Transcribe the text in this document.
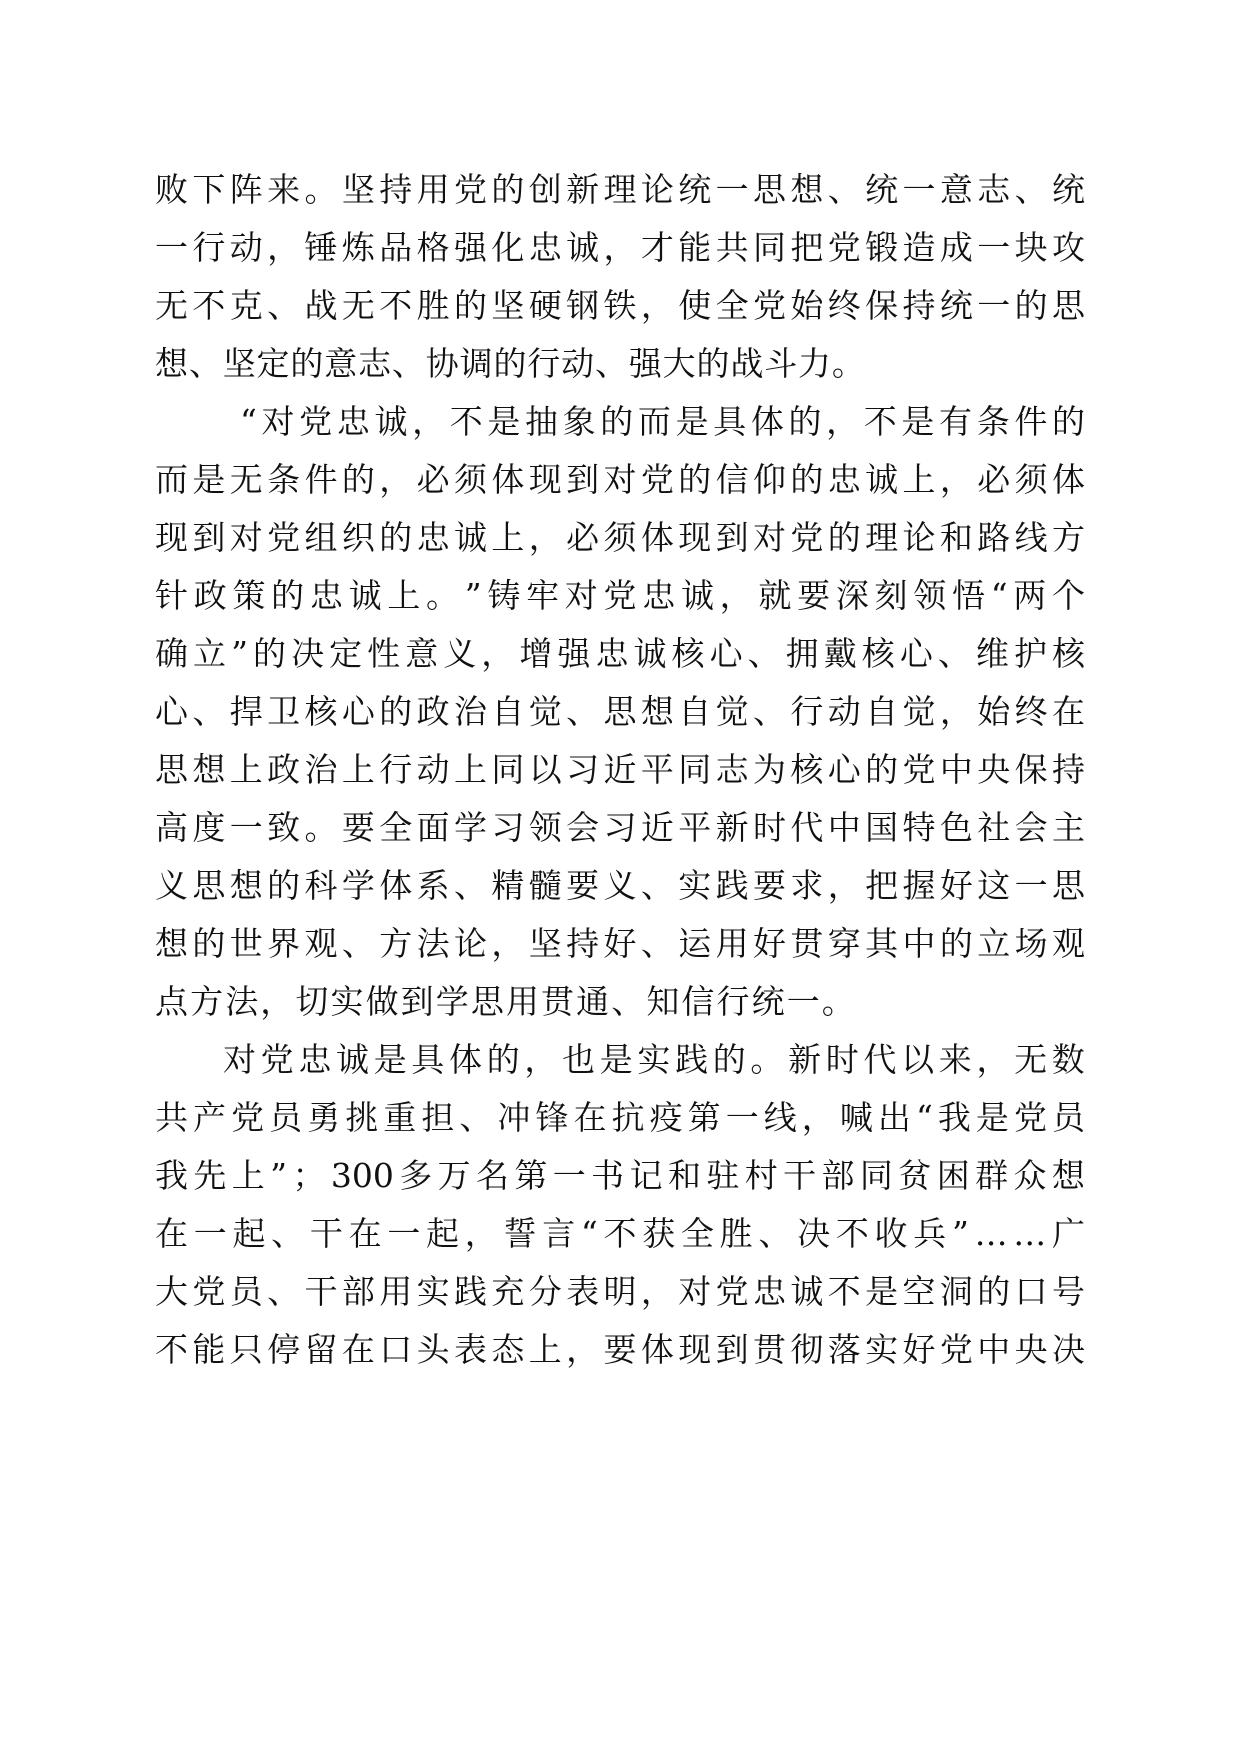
败 下 阵 来 。 坚 持 用 党 的 创 新 理 论 统 一 思 想 、 统 一 意 志 、 统
一 行 动 ， 锤 炼 品 格 强 化 忠 诚 ， 才 能 共 同 把 党 锻 造 成 一 块 攻
无 不 克 、 战 无 不 胜 的 坚 硬 钢 铁 ， 使 全 党 始 终 保 持 统 一 的 思
想 、 坚 定 的 意 志 、 协 调 的 行 动 、 强 大 的 战 斗 力 。
“ 对 党 忠 诚 ， 不 是 抽 象 的 而 是 具 体 的 ， 不 是 有 条 件 的
而 是 无 条 件 的 ， 必 须 体 现 到 对 党 的 信 仰 的 忠 诚 上 ， 必 须 体
现 到 对 党 组 织 的 忠 诚 上 ， 必 须 体 现 到 对 党 的 理 论 和 路 线 方
针 政 策 的 忠 诚 上 。 ” 铸 牢 对 党 忠 诚 ， 就 要 深 刻 领 悟 “ 两 个
确 立 ” 的 决 定 性 意 义 ， 增 强 忠 诚 核 心 、 拥 戴 核 心 、 维 护 核
心 、 捍 卫 核 心 的 政 治 自 觉 、 思 想 自 觉 、 行 动 自 觉 ， 始 终 在
思 想 上 政 治 上 行 动 上 同 以 习 近 平 同 志 为 核 心 的 党 中 央 保 持
高 度 一 致 。 要 全 面 学 习 领 会 习 近 平 新 时 代 中 国 特 色 社 会 主
义 思 想 的 科 学 体 系 、 精 髓 要 义 、 实 践 要 求 ， 把 握 好 这 一 思
想 的 世 界 观 、 方 法 论 ， 坚 持 好 、 运 用 好 贯 穿 其 中 的 立 场 观
点 方 法 ， 切 实 做 到 学 思 用 贯 通 、 知 信 行 统 一 。
对 党 忠 诚 是 具 体 的 ， 也 是 实 践 的 。 新 时 代 以 来 ， 无 数
共 产 党 员 勇 挑 重 担 、 冲 锋 在 抗 疫 第 一 线 ， 喊 出 “ 我 是 党 员
我 先 上 ” ； 300 多 万 名 第 一 书 记 和 驻 村 干 部 同 贫 困 群 众 想
在 一 起 、 干 在 一 起 ， 誓 言 “ 不 获 全 胜 、 决 不 收 兵 ” … … 广
大 党 员 、 干 部 用 实 践 充 分 表 明 ， 对 党 忠 诚 不 是 空 洞 的 口 号
不 能 只 停 留 在 口 头 表 态 上 ， 要 体 现 到 贯 彻 落 实 好 党 中 央 决
